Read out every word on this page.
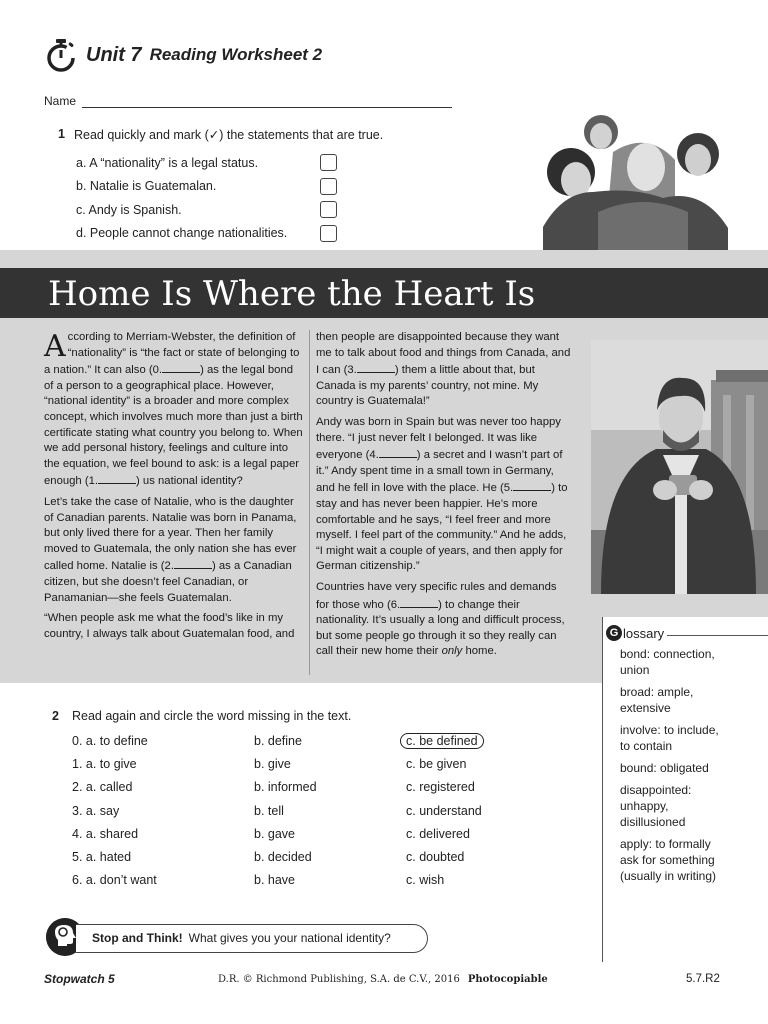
Unit 7 Reading Worksheet 2
Name
1 Read quickly and mark (✓) the statements that are true.
a. A “nationality” is a legal status.
b. Natalie is Guatemalan.
c. Andy is Spanish.
d. People cannot change nationalities.
Home Is Where the Heart Is

According to Merriam-Webster, the definition of “nationality” is “the fact or state of belonging to a nation.” It can also (0.	) as the legal bond of a person to a geographical place. However, “national identity” is a broader and more complex concept, which involves much more than just a birth certificate stating what country you belong to. When we add personal history, feelings and culture into the equation, we feel bound to ask: is a legal paper enough (1.	) us national identity?

Let’s take the case of Natalie, who is the daughter of Canadian parents. Natalie was born in Panama, but only lived there for a year. Then her family moved to Guatemala, the only nation she has ever called home. Natalie is (2.	) as a Canadian citizen, but she doesn’t feel Canadian, or Panamanian—she feels Guatemalan.

“When people ask me what the food’s like in my country, I always talk about Guatemalan food, and

then people are disappointed because they want me to talk about food and things from Canada, and I can (3.	) them a little about that, but Canada is my parents’ country, not mine. My country is Guatemala!”

Andy was born in Spain but was never too happy there. “I just never felt I belonged. It was like everyone (4.	) a secret and I wasn’t part of it.” Andy spent time in a small town in Germany, and he fell in love with the place. He (5.	) to stay and has never been happier. He’s more comfortable and he says, “I feel freer and more myself. I feel part of the community.” And he adds, “I might wait a couple of years, and then apply for German citizenship.”

Countries have very specific rules and demands for those who (6.	) to change their nationality. It’s usually a long and difficult process, but some people go through it so they really can call their new home their only home.

G lossary
bond: connection, union
broad: ample, extensive
involve: to include, to contain
bound: obligated
disappointed: unhappy, disillusioned
apply: to formally ask for something (usually in writing)
2	Read again and circle the word missing in the text.
0. a. to define	b. define	c. be defined
1. a. to give	b. give	c. be given
2. a. called	b. informed	c. registered
3. a. say	b. tell	c. understand
4. a. shared	b. gave	c. delivered
5. a. hated	b. decided	c. doubted
6. a. don’t want	b. have	c. wish
Stop and Think! What gives you your national identity?
Stopwatch 5	D.R. © Richmond Publishing, S.A. de C.V., 2016 Photocopiable	5.7.R2
